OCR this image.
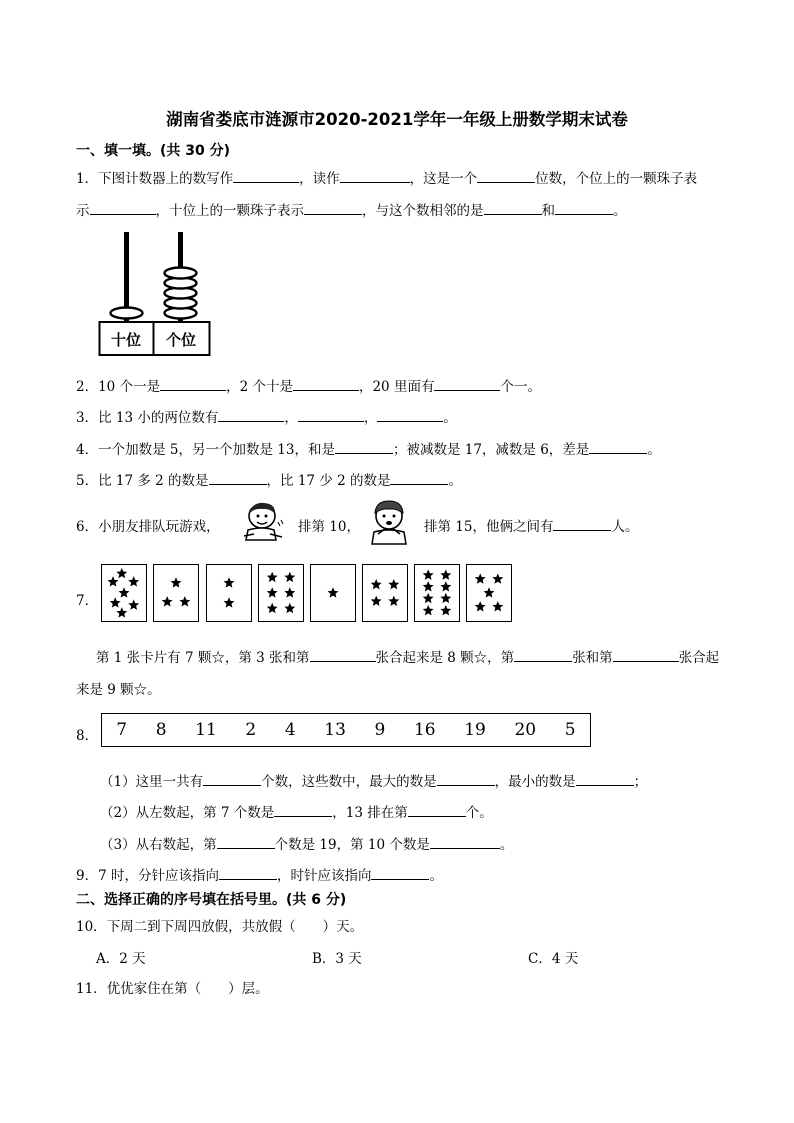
湖南省娄底市涟源市2020-2021学年一年级上册数学期末试卷
一、填一填。(共 30 分)
1．下图计数器上的数写作	，读作	，这是一个	位数，个位上的一颗珠子表
示	，十位上的一颗珠子表示	，与这个数相邻的是	和	。
十位 个位
2．10 个一是	，2 个十是	，20 里面有	个一。
3．比 13 小的两位数有	，	，	。
4．一个加数是 5，另一个加数是 13，和是	；被减数是 17，减数是 6，差是	。
5．比 17 多 2 的数是	，比 17 少 2 的数是	。
6．小朋友排队玩游戏，	排第 10，	排第 15，他俩之间有	人。
7．
第 1 张卡片有 7 颗☆，第 3 张和第	张合起来是 8 颗☆，第	张和第	张合起
来是 9 颗☆。
8． 7 8 11 2 4 13 9 16 19 20 5
（1）这里一共有	个数，这些数中，最大的数是	，最小的数是	；
（2）从左数起，第 7 个数是	，13 排在第	个。
（3）从右数起，第	个数是 19，第 10 个数是	。
9．7 时，分针应该指向	，时针应该指向	。
二、选择正确的序号填在括号里。(共 6 分)
10．下周二到下周四放假，共放假（　　）天。
A．2 天	B．3 天	C．4 天
11．优优家住在第（　　）层。
